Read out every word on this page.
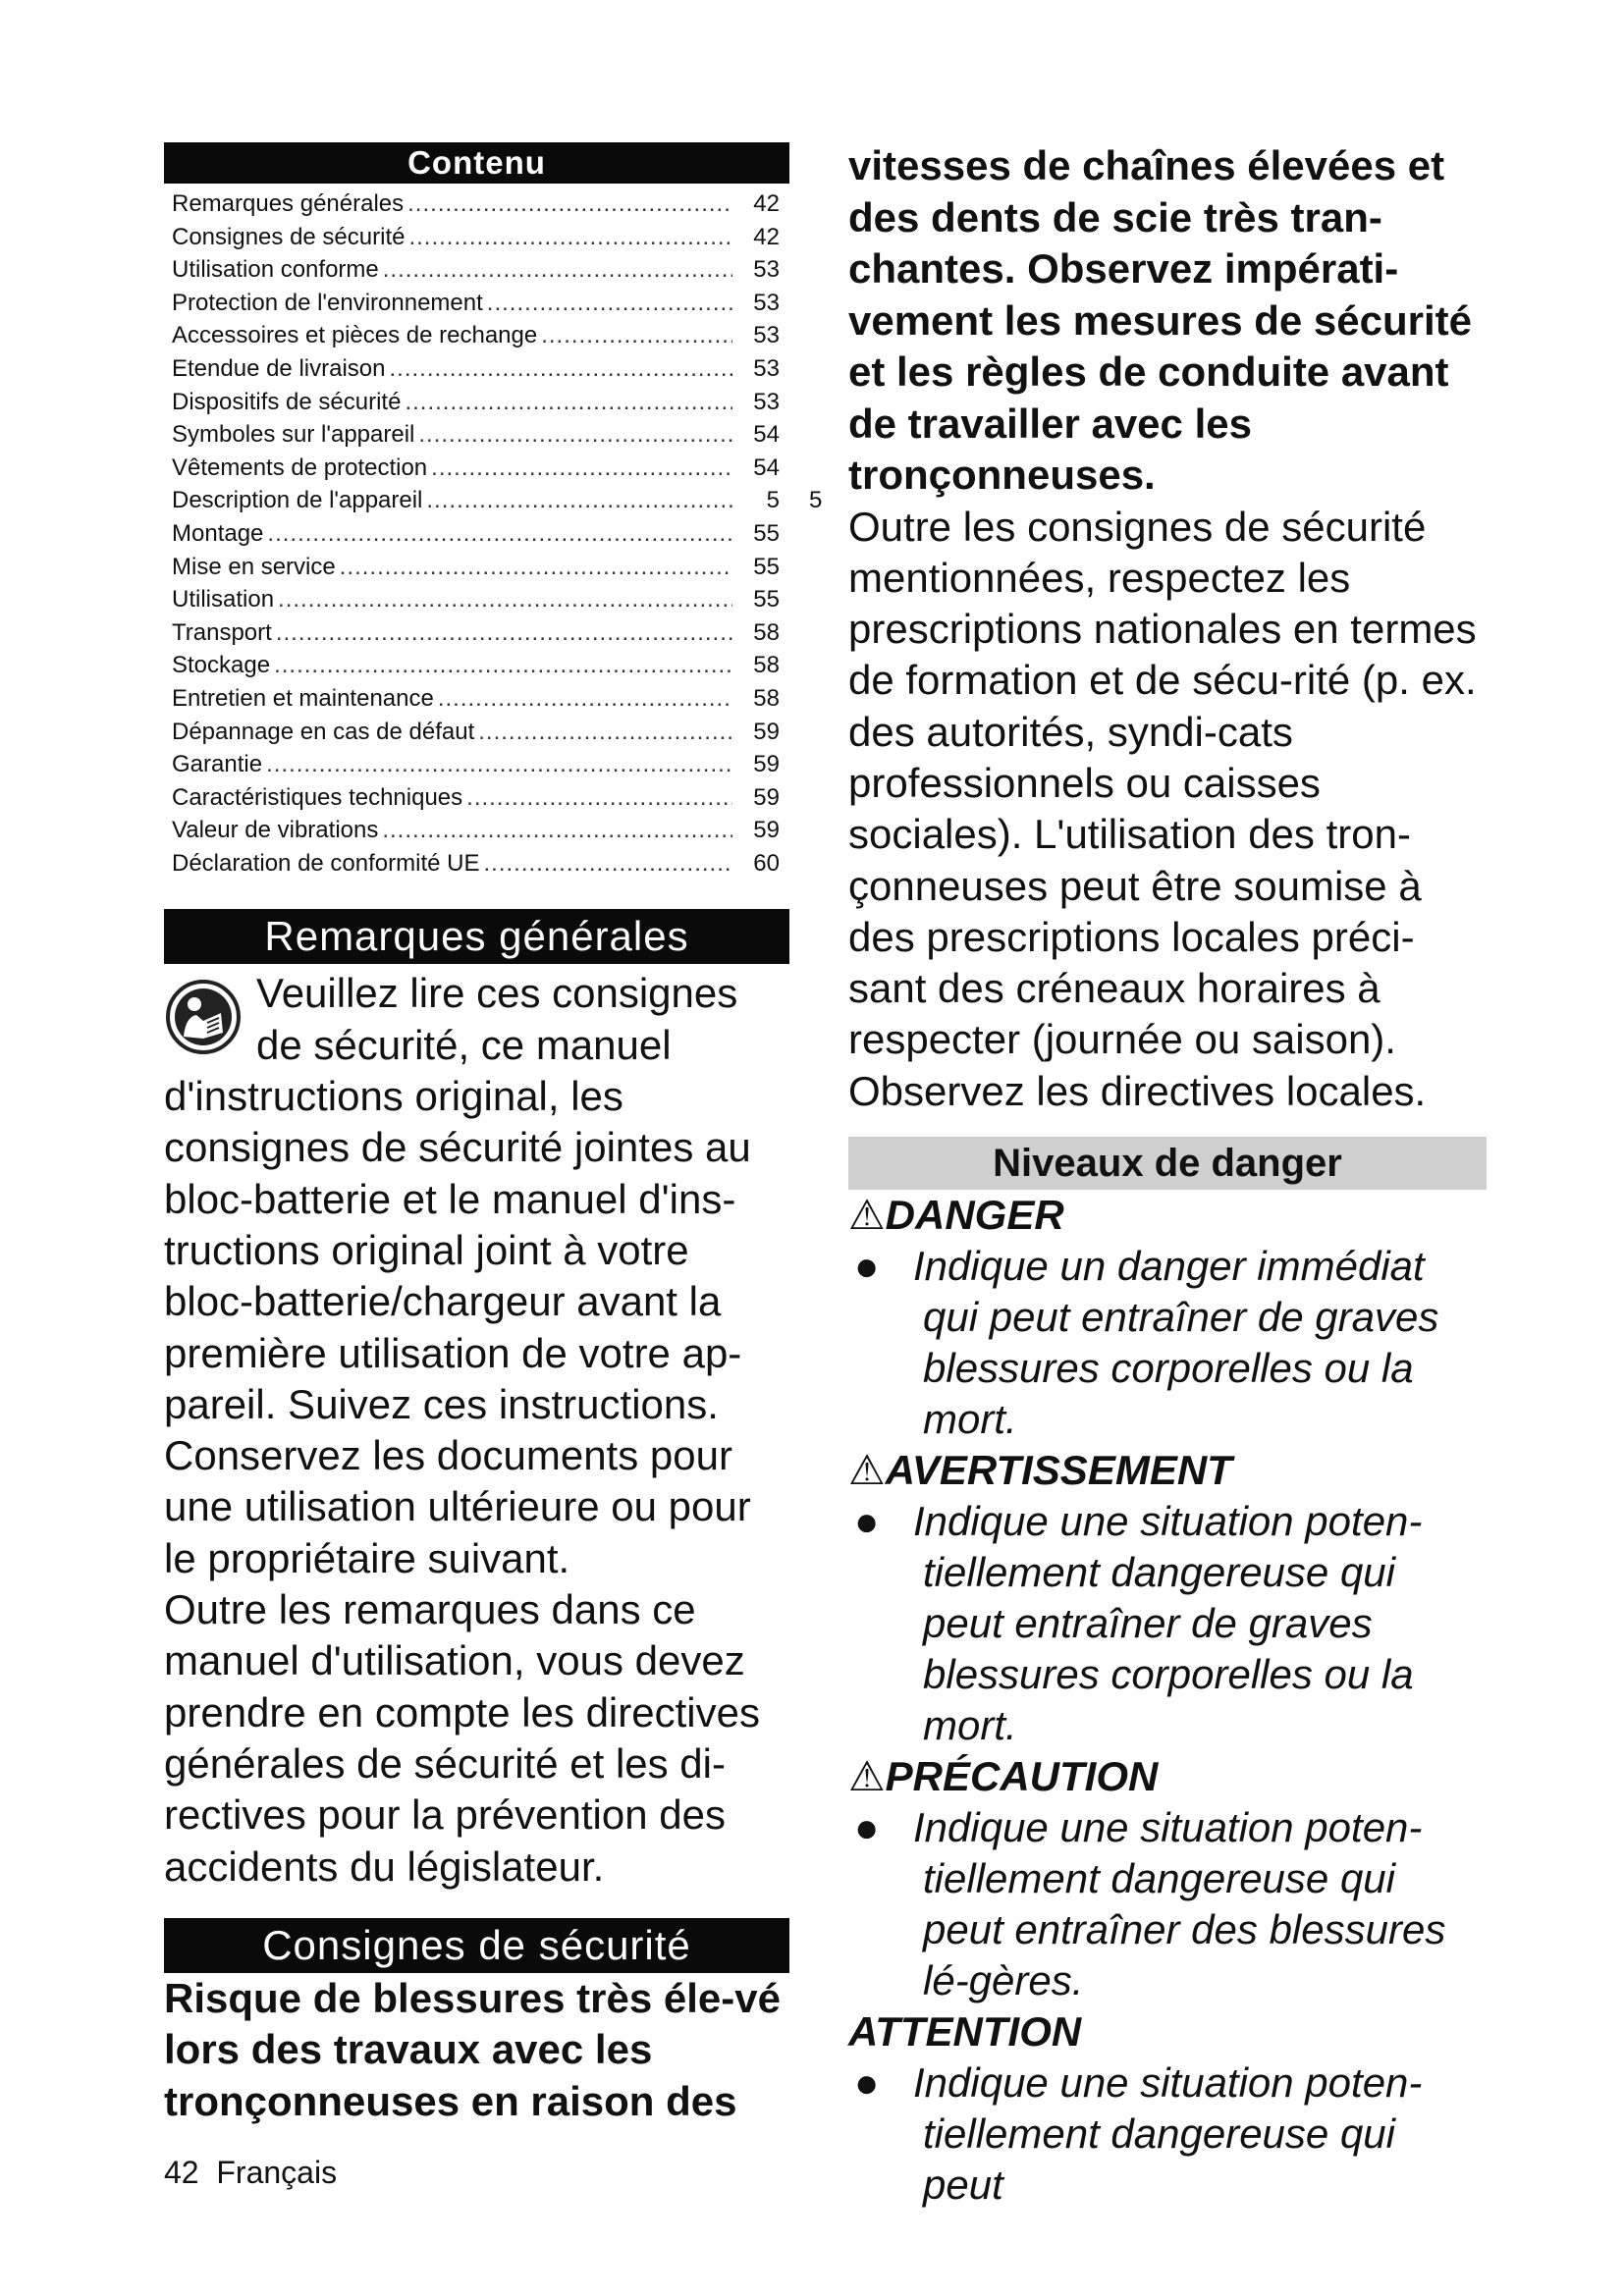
Contenu
Remarques générales .....	42
Consignes de sécurité .....	42
Utilisation conforme .....	53
Protection de l'environnement .....	53
Accessoires et pièces de rechange .....	53
Etendue de livraison .....	53
Dispositifs de sécurité .....	53
Symboles sur l'appareil .....	54
Vêtements de protection .....	54
Description de l'appareil .....	5
Montage .....	55
Mise en service .....	55
Utilisation .....	55
Transport .....	58
Stockage .....	58
Entretien et maintenance .....	58
Dépannage en cas de défaut .....	59
Garantie .....	59
Caractéristiques techniques .....	59
Valeur de vibrations .....	59
Déclaration de conformité UE .....	60
Remarques générales

Veuillez lire ces consignes de sécurité, ce manuel d'instructions original, les consignes de sécurité jointes au bloc-batterie et le manuel d'ins-tructions original joint à votre bloc-batterie/chargeur avant la première utilisation de votre ap-pareil. Suivez ces instructions. Conservez les documents pour une utilisation ultérieure ou pour le propriétaire suivant.

Outre les remarques dans ce manuel d'utilisation, vous devez prendre en compte les directives générales de sécurité et les di-rectives pour la prévention des accidents du législateur.

Consignes de sécurité

Risque de blessures très éle-vé lors des travaux avec les tronçonneuses en raison des

5

vitesses de chaînes élevées et des dents de scie très tran-chantes. Observez impérati-vement les mesures de sécurité et les règles de conduite avant de travailler avec les tronçonneuses.

Outre les consignes de sécurité mentionnées, respectez les prescriptions nationales en termes de formation et de sécu-rité (p. ex. des autorités, syndi-cats professionnels ou caisses sociales). L'utilisation des tron-çonneuses peut être soumise à des prescriptions locales préci-sant des créneaux horaires à respecter (journée ou saison). Observez les directives locales.

Niveaux de danger

⚠DANGER

● Indique un danger immédiat qui peut entraîner de graves blessures corporelles ou la mort.

⚠AVERTISSEMENT

● Indique une situation poten-tiellement dangereuse qui peut entraîner de graves blessures corporelles ou la mort.

⚠PRÉCAUTION

● Indique une situation poten-tiellement dangereuse qui peut entraîner des blessures lé-gères.

ATTENTION

● Indique une situation poten-tiellement dangereuse qui peut
42 Français
